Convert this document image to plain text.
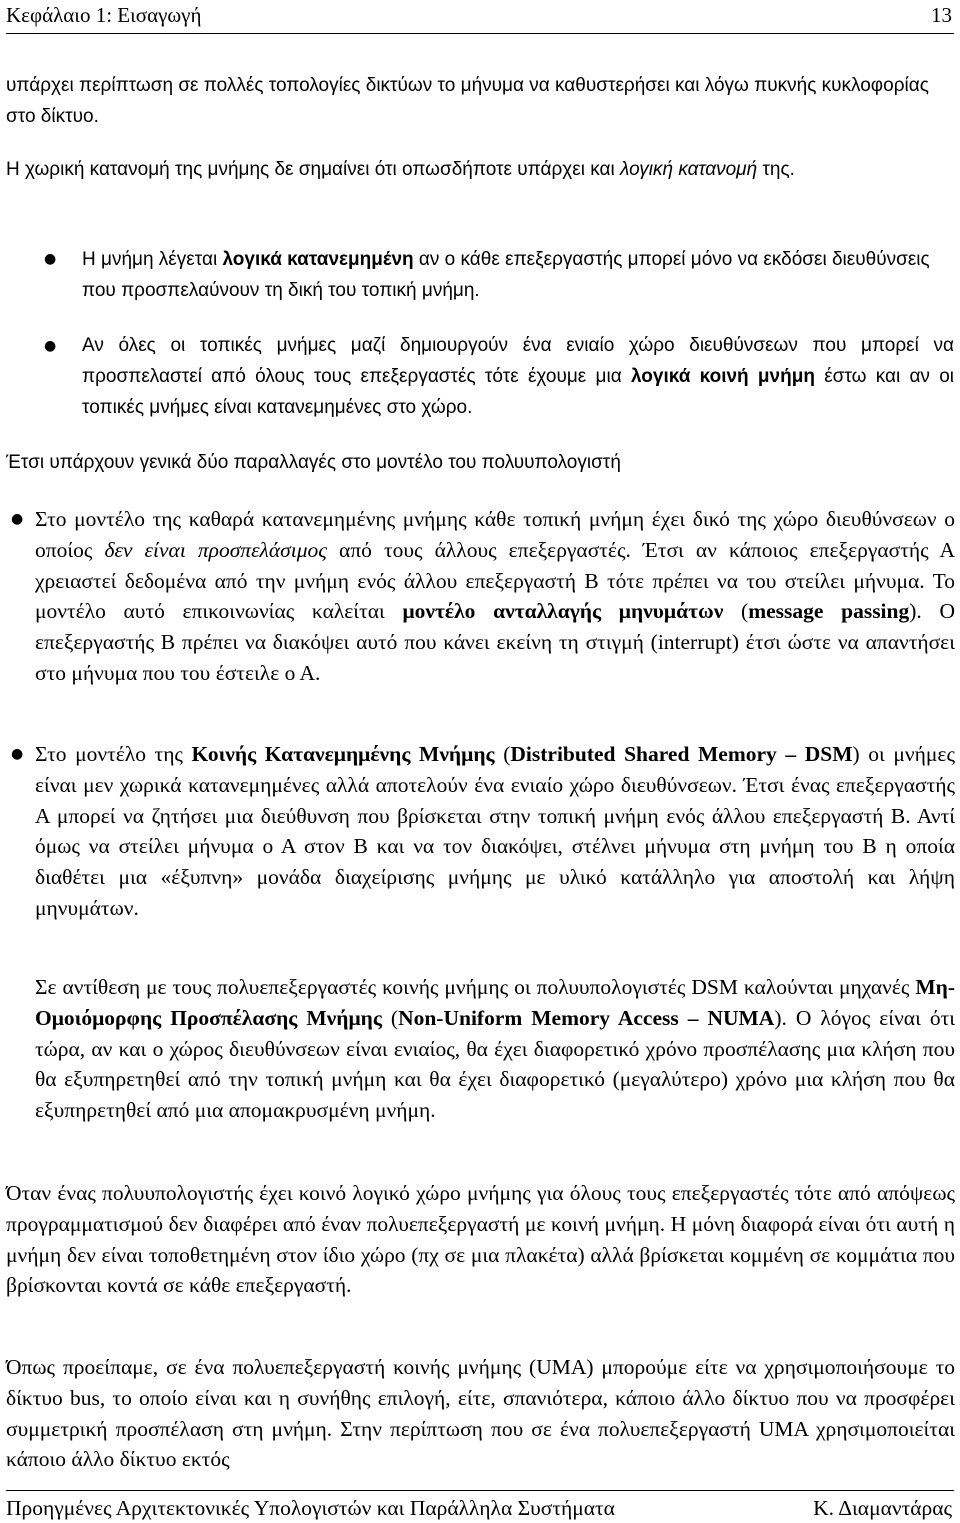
Κεφάλαιο 1: Εισαγωγή	13

υπάρχει περίπτωση σε πολλές τοπολογίες δικτύων το μήνυμα να καθυστερήσει και λόγω πυκνής κυκλοφορίας στο δίκτυο.

Η χωρική κατανομή της μνήμης δε σημαίνει ότι οπωσδήποτε υπάρχει και λογική κατανομή της.

● Η μνήμη λέγεται λογικά κατανεμημένη αν ο κάθε επεξεργαστής μπορεί μόνο να εκδόσει διευθύνσεις που προσπελαύνουν τη δική του τοπική μνήμη.

● Αν όλες οι τοπικές μνήμες μαζί δημιουργούν ένα ενιαίο χώρο διευθύνσεων που μπορεί να προσπελαστεί από όλους τους επεξεργαστές τότε έχουμε μια λογικά κοινή μνήμη έστω και αν οι τοπικές μνήμες είναι κατανεμημένες στο χώρο.

Έτσι υπάρχουν γενικά δύο παραλλαγές στο μοντέλο του πολυυπολογιστή

● Στο μοντέλο της καθαρά κατανεμημένης μνήμης κάθε τοπική μνήμη έχει δικό της χώρο διευθύνσεων ο οποίος δεν είναι προσπελάσιμος από τους άλλους επεξεργαστές. Έτσι αν κάποιος επεξεργαστής Α χρειαστεί δεδομένα από την μνήμη ενός άλλου επεξεργαστή Β τότε πρέπει να του στείλει μήνυμα. Το μοντέλο αυτό επικοινωνίας καλείται μοντέλο ανταλλαγής μηνυμάτων (message passing). Ο επεξεργαστής Β πρέπει να διακόψει αυτό που κάνει εκείνη τη στιγμή (interrupt) έτσι ώστε να απαντήσει στο μήνυμα που του έστειλε ο Α.

● Στο μοντέλο της Κοινής Κατανεμημένης Μνήμης (Distributed Shared Memory – DSM) οι μνήμες είναι μεν χωρικά κατανεμημένες αλλά αποτελούν ένα ενιαίο χώρο διευθύνσεων. Έτσι ένας επεξεργαστής Α μπορεί να ζητήσει μια διεύθυνση που βρίσκεται στην τοπική μνήμη ενός άλλου επεξεργαστή Β. Αντί όμως να στείλει μήνυμα ο Α στον Β και να τον διακόψει, στέλνει μήνυμα στη μνήμη του Β η οποία διαθέτει μια «έξυπνη» μονάδα διαχείρισης μνήμης με υλικό κατάλληλο για αποστολή και λήψη μηνυμάτων.

Σε αντίθεση με τους πολυεπεξεργαστές κοινής μνήμης οι πολυυπολογιστές DSM καλούνται μηχανές Μη-Ομοιόμορφης Προσπέλασης Μνήμης (Non-Uniform Memory Access – NUMA). Ο λόγος είναι ότι τώρα, αν και ο χώρος διευθύνσεων είναι ενιαίος, θα έχει διαφορετικό χρόνο προσπέλασης μια κλήση που θα εξυπηρετηθεί από την τοπική μνήμη και θα έχει διαφορετικό (μεγαλύτερο) χρόνο μια κλήση που θα εξυπηρετηθεί από μια απομακρυσμένη μνήμη.

Όταν ένας πολυυπολογιστής έχει κοινό λογικό χώρο μνήμης για όλους τους επεξεργαστές τότε από απόψεως προγραμματισμού δεν διαφέρει από έναν πολυεπεξεργαστή με κοινή μνήμη. Η μόνη διαφορά είναι ότι αυτή η μνήμη δεν είναι τοποθετημένη στον ίδιο χώρο (πχ σε μια πλακέτα) αλλά βρίσκεται κομμένη σε κομμάτια που βρίσκονται κοντά σε κάθε επεξεργαστή.

Όπως προείπαμε, σε ένα πολυεπεξεργαστή κοινής μνήμης (UMA) μπορούμε είτε να χρησιμοποιήσουμε το δίκτυο bus, το οποίο είναι και η συνήθης επιλογή, είτε, σπανιότερα, κάποιο άλλο δίκτυο που να προσφέρει συμμετρική προσπέλαση στη μνήμη. Στην περίπτωση που σε ένα πολυεπεξεργαστή UMA χρησιμοποιείται κάποιο άλλο δίκτυο εκτός

Προηγμένες Αρχιτεκτονικές Υπολογιστών και Παράλληλα Συστήματα	Κ. Διαμαντάρας
